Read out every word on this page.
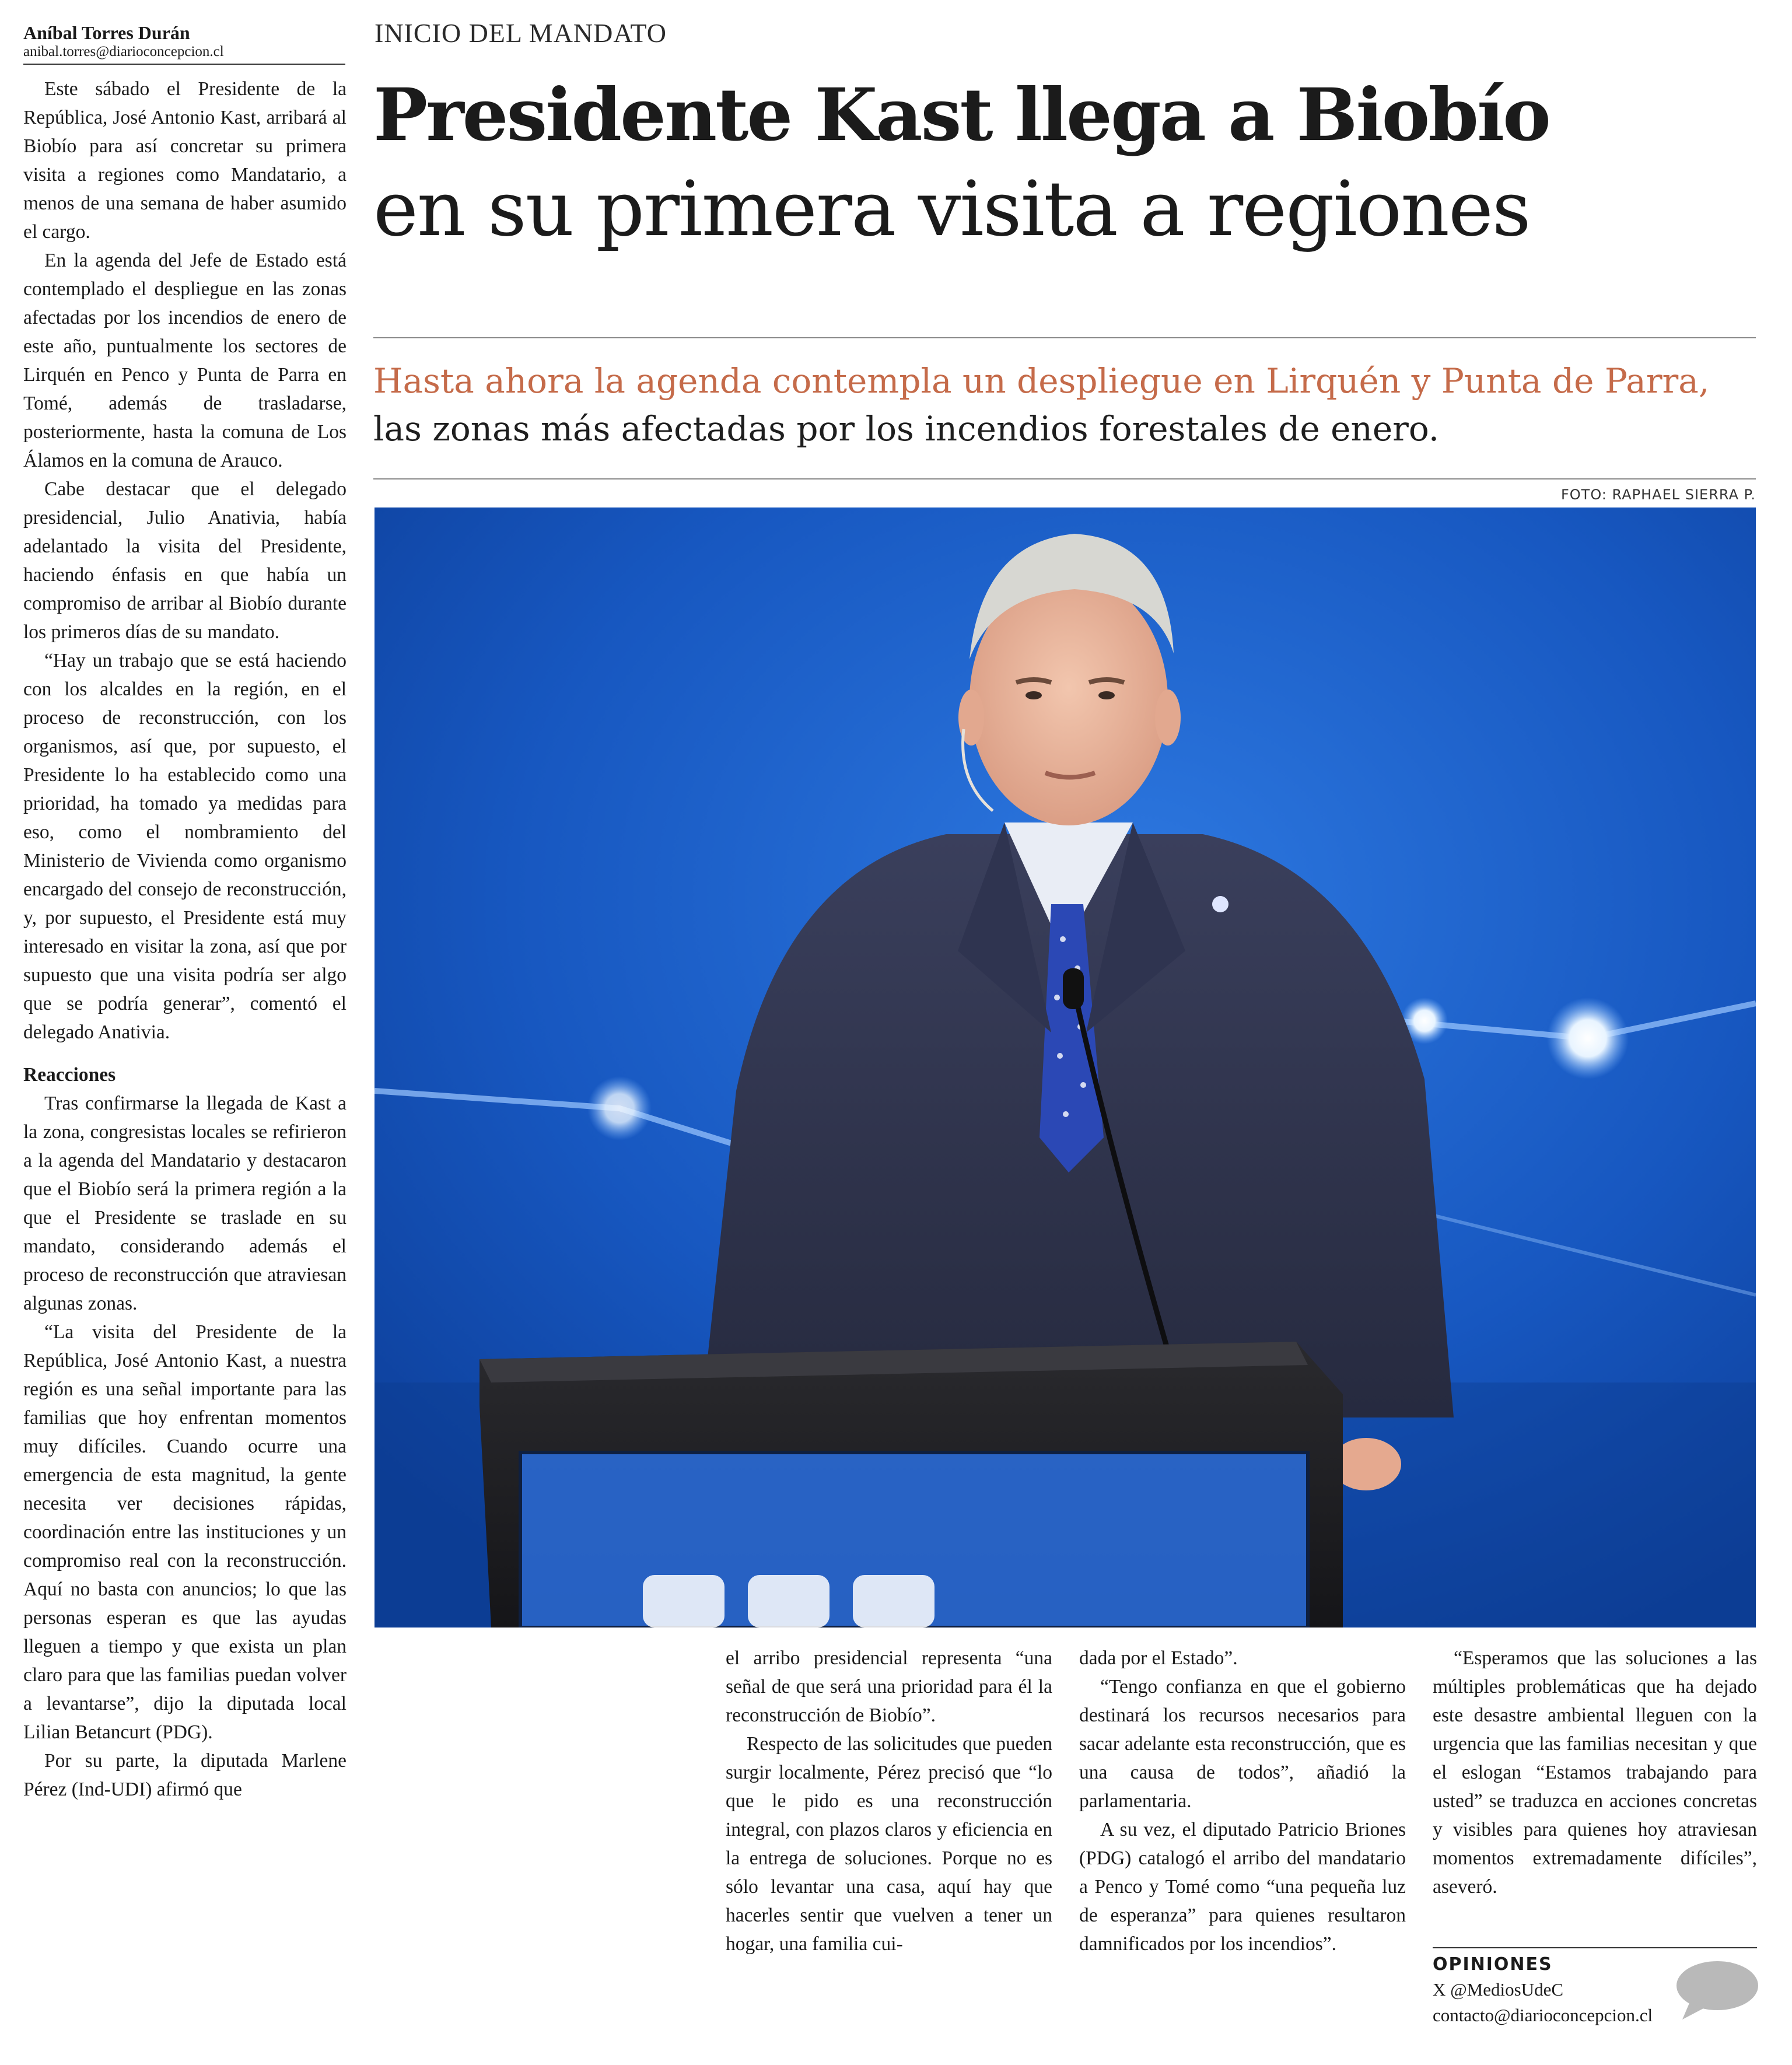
Aníbal Torres Durán
anibal.torres@diarioconcepcion.cl

Este sábado el Presidente de la República, José Antonio Kast, arribará al Biobío para así concretar su primera visita a regiones como Mandatario, a menos de una semana de haber asumido el cargo.

En la agenda del Jefe de Estado está contemplado el despliegue en las zonas afectadas por los incendios de enero de este año, puntualmente los sectores de Lirquén en Penco y Punta de Parra en Tomé, además de trasladarse, posteriormente, hasta la comuna de Los Álamos en la comuna de Arauco.

Cabe destacar que el delegado presidencial, Julio Anativia, había adelantado la visita del Presidente, haciendo énfasis en que había un compromiso de arribar al Biobío durante los primeros días de su mandato.

“Hay un trabajo que se está haciendo con los alcaldes en la región, en el proceso de reconstrucción, con los organismos, así que, por supuesto, el Presidente lo ha establecido como una prioridad, ha tomado ya medidas para eso, como el nombramiento del Ministerio de Vivienda como organismo encargado del consejo de reconstrucción, y, por supuesto, el Presidente está muy interesado en visitar la zona, así que por supuesto que una visita podría ser algo que se podría generar”, comentó el delegado Anativia.

Reacciones

Tras confirmarse la llegada de Kast a la zona, congresistas locales se refirieron a la agenda del Mandatario y destacaron que el Biobío será la primera región a la que el Presidente se traslade en su mandato, considerando además el proceso de reconstrucción que atraviesan algunas zonas.

“La visita del Presidente de la República, José Antonio Kast, a nuestra región es una señal importante para las familias que hoy enfrentan momentos muy difíciles. Cuando ocurre una emergencia de esta magnitud, la gente necesita ver decisiones rápidas, coordinación entre las instituciones y un compromiso real con la reconstrucción. Aquí no basta con anuncios; lo que las personas esperan es que las ayudas lleguen a tiempo y que exista un plan claro para que las familias puedan volver a levantarse”, dijo la diputada local Lilian Betancurt (PDG).

Por su parte, la diputada Marlene Pérez (Ind-UDI) afirmó que

INICIO DEL MANDATO
Presidente Kast llega a Biobío
en su primera visita a regiones
Hasta ahora la agenda contempla un despliegue en Lirquén y Punta de Parra, las zonas más afectadas por los incendios forestales de enero.
FOTO: RAPHAEL SIERRA P.

el arribo presidencial representa “una señal de que será una prioridad para él la reconstrucción de Biobío”.

Respecto de las solicitudes que pueden surgir localmente, Pérez precisó que “lo que le pido es una reconstrucción integral, con plazos claros y eficiencia en la entrega de soluciones. Porque no es sólo levantar una casa, aquí hay que hacerles sentir que vuelven a tener un hogar, una familia cui-

dada por el Estado”.

“Tengo confianza en que el gobierno destinará los recursos necesarios para sacar adelante esta reconstrucción, que es una causa de todos”, añadió la parlamentaria.

A su vez, el diputado Patricio Briones (PDG) catalogó el arribo del mandatario a Penco y Tomé como “una pequeña luz de esperanza” para quienes resultaron damnificados por los incendios”.

“Esperamos que las soluciones a las múltiples problemáticas que ha dejado este desastre ambiental lleguen con la urgencia que las familias necesitan y que el eslogan “Estamos trabajando para usted” se traduzca en acciones concretas y visibles para quienes hoy atraviesan momentos extremadamente difíciles”, aseveró.

OPINIONES
X @MediosUdeC
contacto@diarioconcepcion.cl
